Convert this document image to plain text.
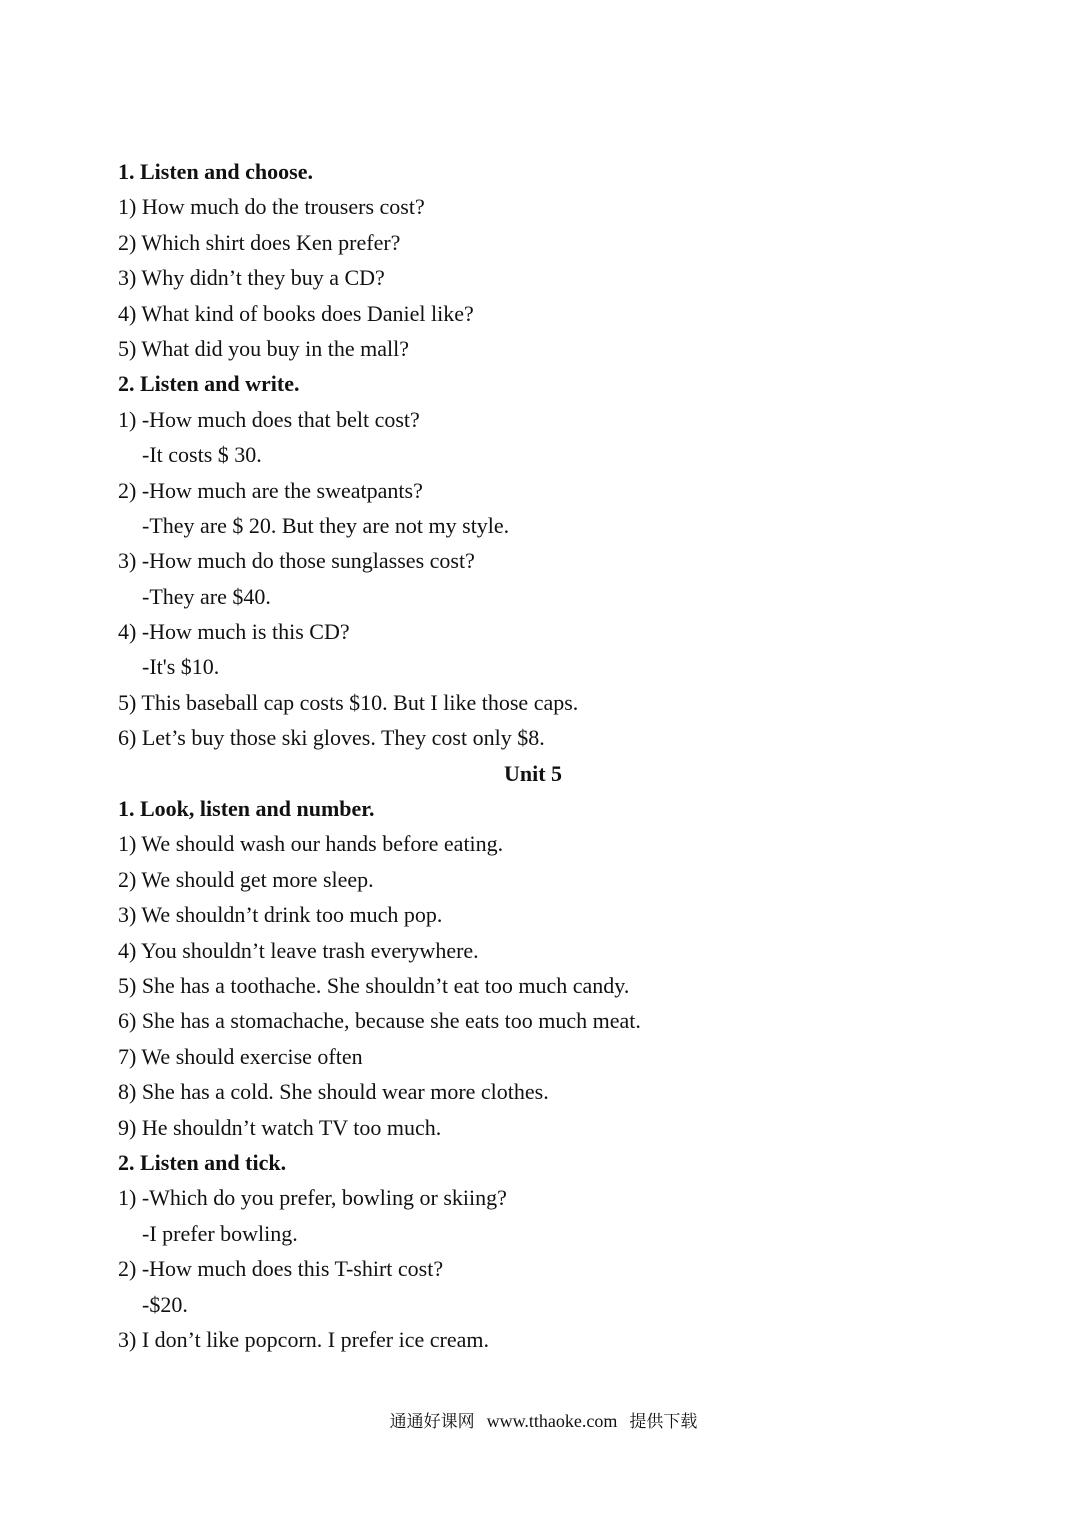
1. Listen and choose.
1) How much do the trousers cost?
2) Which shirt does Ken prefer?
3) Why didn’t they buy a CD?
4) What kind of books does Daniel like?
5) What did you buy in the mall?
2. Listen and write.
1) -How much does that belt cost?
-It costs $ 30.
2) -How much are the sweatpants?
-They are $ 20. But they are not my style.
3) -How much do those sunglasses cost?
-They are $40.
4) -How much is this CD?
-It's $10.
5) This baseball cap costs $10. But I like those caps.
6) Let’s buy those ski gloves. They cost only $8.
Unit 5
1. Look, listen and number.
1) We should wash our hands before eating.
2) We should get more sleep.
3) We shouldn’t drink too much pop.
4) You shouldn’t leave trash everywhere.
5) She has a toothache. She shouldn’t eat too much candy.
6) She has a stomachache, because she eats too much meat.
7) We should exercise often
8) She has a cold. She should wear more clothes.
9) He shouldn’t watch TV too much.
2. Listen and tick.
1) -Which do you prefer, bowling or skiing?
-I prefer bowling.
2) -How much does this T-shirt cost?
-$20.
3) I don’t like popcorn. I prefer ice cream.
通通好课网 www.tthaoke.com 提供下载
